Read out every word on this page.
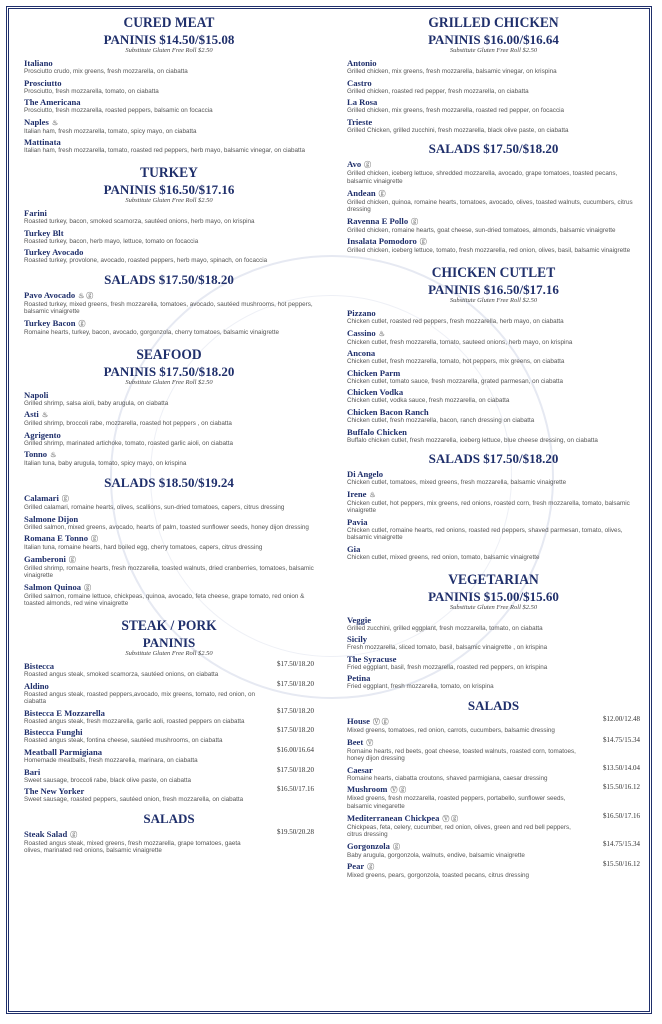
CURED MEAT
PANINIS $14.50/$15.08
Substitute Gluten Free Roll $2.50
Italiano
Prosciutto crudo, mix greens, fresh mozzarella, on ciabatta
Prosciutto
Prosciutto, fresh mozzarella, tomato, on ciabatta
The Americana
Prosciutto, fresh mozzarella, roasted peppers, balsamic on focaccia
Naples ♨
Italian ham, fresh mozzarella, tomato, spicy mayo, on ciabatta
Mattinata
Italian ham, fresh mozzarella, tomato, roasted red peppers, herb mayo, balsamic vinegar, on ciabatta
TURKEY
PANINIS $16.50/$17.16
Substitute Gluten Free Roll $2.50
Farini
Roasted turkey, bacon, smoked scamorza, sautéed onions, herb mayo, on krispina
Turkey Blt
Roasted turkey, bacon, herb mayo, lettuce, tomato on focaccia
Turkey Avocado
Roasted turkey, provolone, avocado, roasted peppers, herb mayo, spinach, on focaccia
SALADS $17.50/$18.20
Pavo Avocado ♨ ⓖ
Roasted turkey, mixed greens, fresh mozzarella, tomatoes, avocado, sautéed mushrooms, hot peppers, balsamic vinaigrette
Turkey Bacon ⓖ
Romaine hearts, turkey, bacon, avocado, gorgonzola, cherry tomatoes, balsamic vinaigrette
SEAFOOD
PANINIS $17.50/$18.20
Substitute Gluten Free Roll $2.50
Napoli
Grilled shrimp, salsa aioli, baby arugula, on ciabatta
Asti ♨
Grilled shrimp, broccoli rabe, mozzarella, roasted hot peppers , on ciabatta
Agrigento
Grilled shrimp, marinated artichoke, tomato, roasted garlic aioli, on ciabatta
Tonno ♨
Italian tuna, baby arugula, tomato, spicy mayo, on krispina
SALADS $18.50/$19.24
Calamari ⓖ
Grilled calamari, romaine hearts, olives, scallions, sun-dried tomatoes, capers, citrus dressing
Salmone Dijon
Grilled salmon, mixed greens, avocado, hearts of palm, toasted sunflower seeds, honey dijon dressing
Romana E Tonno ⓖ
Italian tuna, romaine hearts, hard boiled egg, cherry tomatoes, capers, citrus dressing
Gamberoni ⓖ
Grilled shrimp, romaine hearts, fresh mozzarella, toasted walnuts, dried cranberries, tomatoes, balsamic vinaigrette
Salmon Quinoa ⓖ
Grilled salmon, romaine lettuce, chickpeas, quinoa, avocado, feta cheese, grape tomato, red onion & toasted almonds, red wine vinaigrette
STEAK / PORK
PANINIS
Substitute Gluten Free Roll $2.50
Bistecca	$17.50/18.20
Roasted angus steak, smoked scamorza, sautéed onions, on ciabatta
Aldino	$17.50/18.20
Roasted angus steak, roasted peppers,avocado, mix greens, tomato, red onion, on ciabatta
Bistecca E Mozzarella	$17.50/18.20
Roasted angus steak, fresh mozzarella, garlic aoli, roasted peppers on ciabatta
Bistecca Funghi	$17.50/18.20
Roasted angus steak, fontina cheese, sautéed mushrooms, on ciabatta
Meatball Parmigiana	$16.00/16.64
Homemade meatballs, fresh mozzarella, marinara, on ciabatta
Bari	$17.50/18.20
Sweet sausage, broccoli rabe, black olive paste, on ciabatta
The New Yorker	$16.50/17.16
Sweet sausage, roasted peppers, sautéed onion, fresh mozzarella, on ciabatta
SALADS
Steak Salad ⓖ	$19.50/20.28
Roasted angus steak, mixed greens, fresh mozzarella, grape tomatoes, gaeta olives, marinated red onions, balsamic vinaigrette
GRILLED CHICKEN
PANINIS $16.00/$16.64
Substitute Gluten Free Roll $2.50
Antonio
Grilled chicken, mix greens, fresh mozzarella, balsamic vinegar, on krispina
Castro
Grilled chicken, roasted red pepper, fresh mozzarella, on ciabatta
La Rosa
Grilled chicken, mix greens, fresh mozzarella, roasted red pepper, on focaccia
Trieste
Grilled Chicken, grilled zucchini, fresh mozzarella, black olive paste, on ciabatta
SALADS $17.50/$18.20
Avo ⓖ
Grilled chicken, iceberg lettuce, shredded mozzarella, avocado, grape tomatoes, toasted pecans, balsamic vinaigrette
Andean ⓖ
Grilled chicken, quinoa, romaine hearts, tomatoes, avocado, olives, toasted walnuts, cucumbers, citrus dressing
Ravenna E Pollo ⓖ
Grilled chicken, romaine hearts, goat cheese, sun-dried tomatoes, almonds, balsamic vinaigrette
Insalata Pomodoro ⓖ
Grilled chicken, iceberg lettuce, tomato, fresh mozzarella, red onion, olives, basil, balsamic vinaigrette
CHICKEN CUTLET
PANINIS $16.50/$17.16
Substitute Gluten Free Roll $2.50
Pizzano
Chicken cutlet, roasted red peppers, fresh mozzarella, herb mayo, on ciabatta
Cassino ♨
Chicken cutlet, fresh mozzarella, tomato, sauteed onions, herb mayo, on krispina
Ancona
Chicken cutlet, fresh mozzarella, tomato, hot peppers, mix greens, on ciabatta
Chicken Parm
Chicken cutlet, tomato sauce, fresh mozzarella, grated parmesan, on ciabatta
Chicken Vodka
Chicken cutlet, vodka sauce, fresh mozzarella, on ciabatta
Chicken Bacon Ranch
Chicken cutlet, fresh mozzarella, bacon, ranch dressing on ciabatta
Buffalo Chicken
Buffalo chicken cutlet, fresh mozzarella, iceberg lettuce, blue cheese dressing, on ciabatta
SALADS $17.50/$18.20
Di Angelo
Chicken cutlet, tomatoes, mixed greens, fresh mozzarella, balsamic vinaigrette
Irene ♨
Chicken cutlet, hot peppers, mix greens, red onions, roasted corn, fresh mozzarella, tomato, balsamic vinaigrette
Pavia
Chicken cutlet, romaine hearts, red onions, roasted red peppers, shaved parmesan, tomato, olives, balsamic vinaigrette
Gia
Chicken cutlet, mixed greens, red onion, tomato, balsamic vinaigrette
VEGETARIAN
PANINIS $15.00/$15.60
Substitute Gluten Free Roll $2.50
Veggie
Grilled zucchini, grilled eggplant, fresh mozzarella, tomato, on ciabatta
Sicily
Fresh mozzarella, sliced tomato, basil, balsamic vinaigrette , on krispina
The Syracuse
Fried eggplant, basil, fresh mozzarella, roasted red peppers, on krispina
Petina
Fried eggplant, fresh mozzarella, tomato, on krispina
SALADS
House Ⓥ ⓖ	$12.00/12.48
Mixed greens, tomatoes, red onion, carrots, cucumbers, balsamic dressing
Beet Ⓥ	$14.75/15.34
Romaine hearts, red beets, goat cheese, toasted walnuts, roasted corn, tomatoes, honey dijon dressing
Caesar	$13.50/14.04
Romaine hearts, ciabatta croutons, shaved parmigiana, caesar dressing
Mushroom Ⓥ ⓖ	$15.50/16.12
Mixed greens, fresh mozzarella, roasted peppers, portabello, sunflower seeds, balsamic vinegarette
Mediterranean Chickpea Ⓥ ⓖ	$16.50/17.16
Chickpeas, feta, celery, cucumber, red onion, olives, green and red bell peppers, citrus dressing
Gorgonzola ⓖ	$14.75/15.34
Baby arugula, gorgonzola, walnuts, endive, balsamic vinaigrette
Pear ⓖ	$15.50/16.12
Mixed greens, pears, gorgonzola, toasted pecans, citrus dressing
